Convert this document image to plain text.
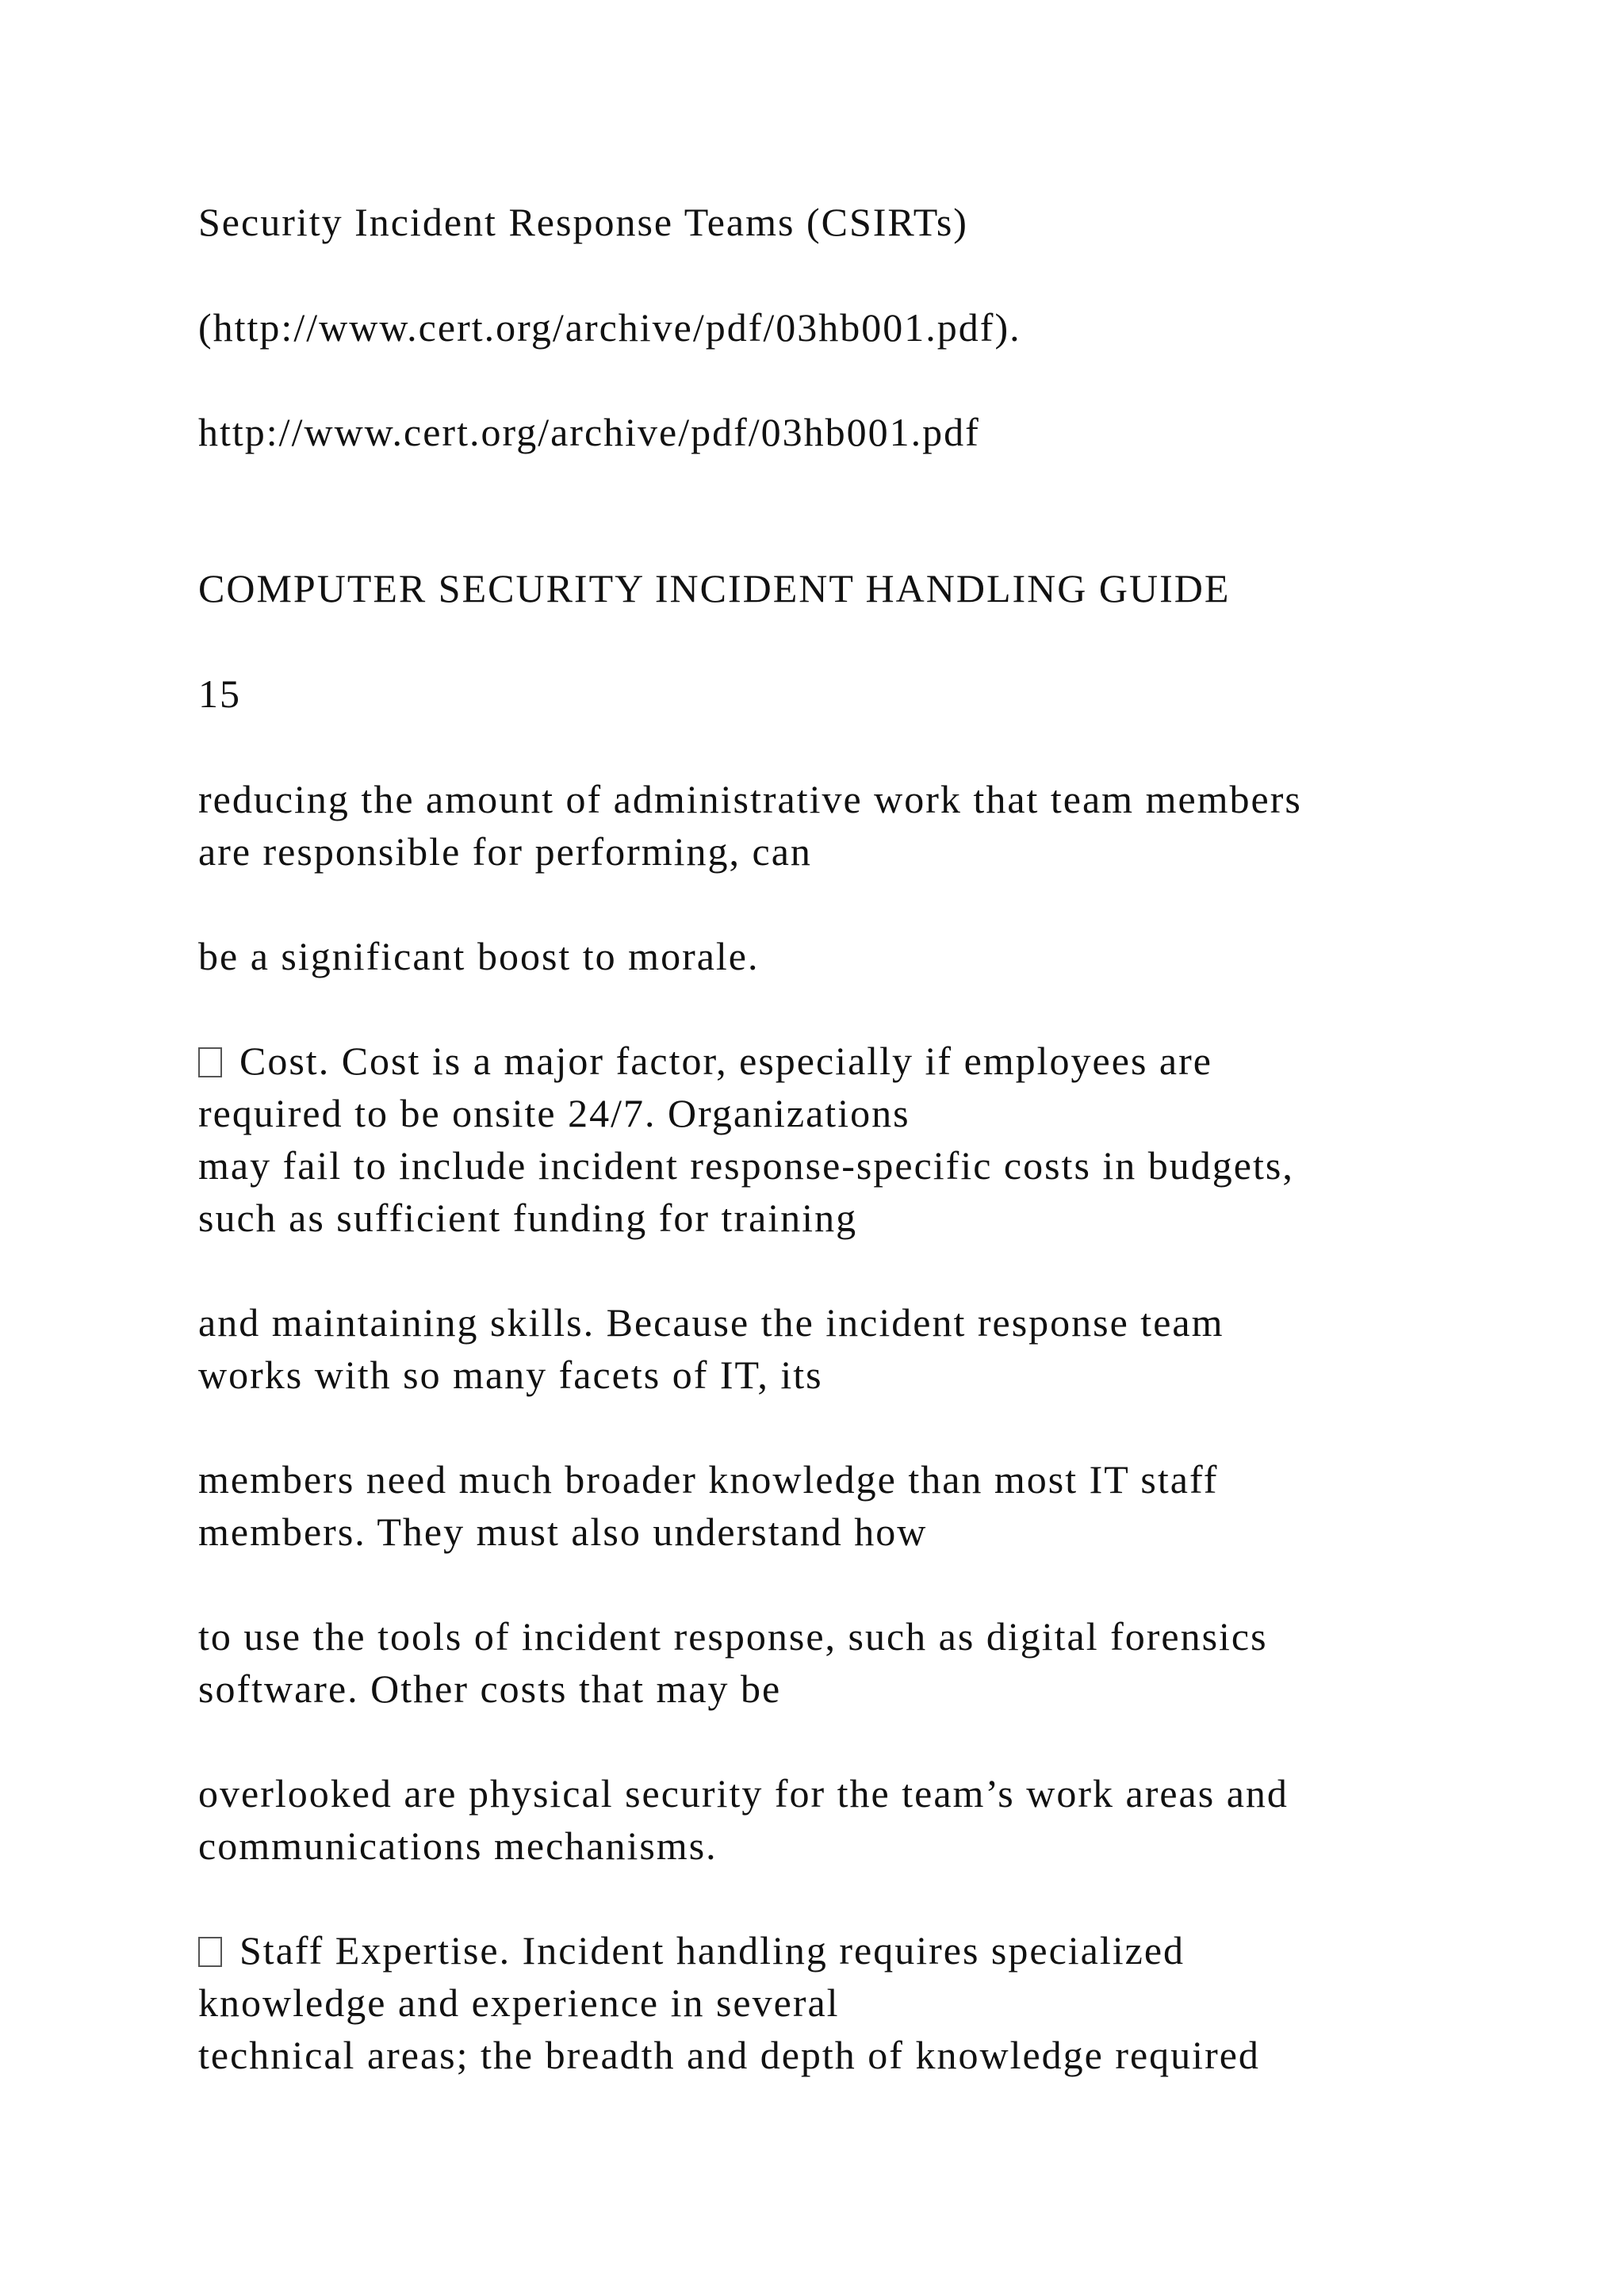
Security Incident Response Teams (CSIRTs)

(http://www.cert.org/archive/pdf/03hb001.pdf).

http://www.cert.org/archive/pdf/03hb001.pdf

COMPUTER SECURITY INCIDENT HANDLING GUIDE

15

reducing the amount of administrative work that team members

are responsible for performing, can

be a significant boost to morale.

Cost. Cost is a major factor, especially if employees are

required to be onsite 24/7. Organizations

may fail to include incident response-specific costs in budgets,

such as sufficient funding for training

and maintaining skills. Because the incident response team

works with so many facets of IT, its

members need much broader knowledge than most IT staff

members. They must also understand how

to use the tools of incident response, such as digital forensics

software. Other costs that may be

overlooked are physical security for the team’s work areas and

communications mechanisms.

Staff Expertise. Incident handling requires specialized

knowledge and experience in several

technical areas; the breadth and depth of knowledge required
